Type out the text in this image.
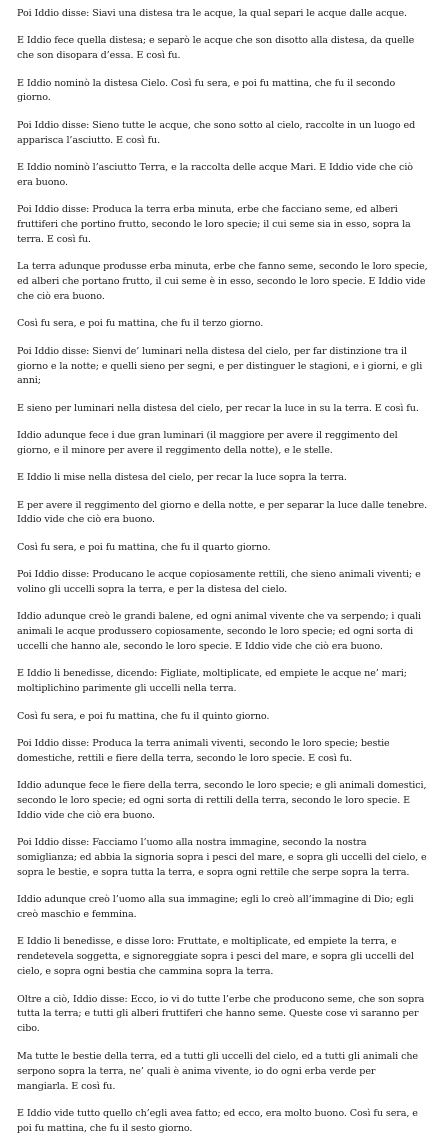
Poi Iddio disse: Siavi una distesa tra le acque, la qual separi le acque dalle acque.

E Iddio fece quella distesa; e separò le acque che son disotto alla distesa, da quelle che son disopara d’essa. E così fu.

E Iddio nominò la distesa Cielo. Così fu sera, e poi fu mattina, che fu il secondo giorno.

Poi Iddio disse: Sieno tutte le acque, che sono sotto al cielo, raccolte in un luogo ed apparisca l’asciutto. E così fu.

E Iddio nominò l’asciutto Terra, e la raccolta delle acque Mari. E Iddio vide che ciò era buono.

Poi Iddio disse: Produca la terra erba minuta, erbe che facciano seme, ed alberi fruttiferi che portino frutto, secondo le loro specie; il cui seme sia in esso, sopra la terra. E così fu.

La terra adunque produsse erba minuta, erbe che fanno seme, secondo le loro specie, ed alberi che portano frutto, il cui seme è in esso, secondo le loro specie. E Iddio vide che ciò era buono.

Così fu sera, e poi fu mattina, che fu il terzo giorno.

Poi Iddio disse: Sienvi de’ luminari nella distesa del cielo, per far distinzione tra il giorno e la notte; e quelli sieno per segni, e per distinguer le stagioni, e i giorni, e gli anni;

E sieno per luminari nella distesa del cielo, per recar la luce in su la terra. E così fu.

Iddio adunque fece i due gran luminari (il maggiore per avere il reggimento del giorno, e il minore per avere il reggimento della notte), e le stelle.

E Iddio li mise nella distesa del cielo, per recar la luce sopra la terra.

E per avere il reggimento del giorno e della notte, e per separar la luce dalle tenebre. Iddio vide che ciò era buono.

Così fu sera, e poi fu mattina, che fu il quarto giorno.

Poi Iddio disse: Producano le acque copiosamente rettili, che sieno animali viventi; e volino gli uccelli sopra la terra, e per la distesa del cielo.

Iddio adunque creò le grandi balene, ed ogni animal vivente che va serpendo; i quali animali le acque produssero copiosamente, secondo le loro specie; ed ogni sorta di uccelli che hanno ale, secondo le loro specie. E Iddio vide che ciò era buono.

E Iddio li benedisse, dicendo: Figliate, moltiplicate, ed empiete le acque ne’ mari; moltiplichino parimente gli uccelli nella terra.

Così fu sera, e poi fu mattina, che fu il quinto giorno.

Poi Iddio disse: Produca la terra animali viventi, secondo le loro specie; bestie domestiche, rettili e fiere della terra, secondo le loro specie. E così fu.

Iddio adunque fece le fiere della terra, secondo le loro specie; e gli animali domestici, secondo le loro specie; ed ogni sorta di rettili della terra, secondo le loro specie. E Iddio vide che ciò era buono.

Poi Iddio disse: Facciamo l’uomo alla nostra immagine, secondo la nostra somiglianza; ed abbia la signoria sopra i pesci del mare, e sopra gli uccelli del cielo, e sopra le bestie, e sopra tutta la terra, e sopra ogni rettile che serpe sopra la terra.

Iddio adunque creò l’uomo alla sua immagine; egli lo creò all’immagine di Dio; egli creò maschio e femmina.

E Iddio li benedisse, e disse loro: Fruttate, e moltiplicate, ed empiete la terra, e rendetevela soggetta, e signoreggiate sopra i pesci del mare, e sopra gli uccelli del cielo, e sopra ogni bestia che cammina sopra la terra.

Oltre a ciò, Iddio disse: Ecco, io vi do tutte l’erbe che producono seme, che son sopra tutta la terra; e tutti gli alberi fruttiferi che hanno seme. Queste cose vi saranno per cibo.

Ma tutte le bestie della terra, ed a tutti gli uccelli del cielo, ed a tutti gli animali che serpono sopra la terra, ne’ quali è anima vivente, io do ogni erba verde per mangiarla. E così fu.

E Iddio vide tutto quello ch’egli avea fatto; ed ecco, era molto buono. Così fu sera, e poi fu mattina, che fu il sesto giorno.
